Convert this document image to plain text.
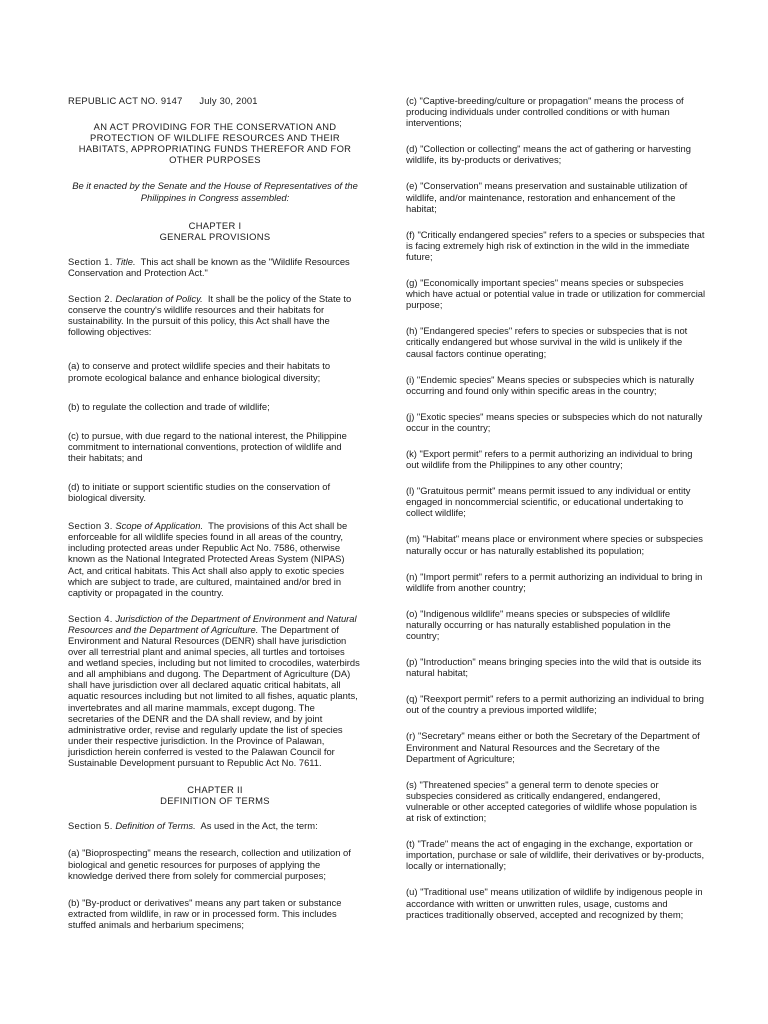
REPUBLIC ACT NO. 9147 July 30, 2001

AN ACT PROVIDING FOR THE CONSERVATION AND PROTECTION OF WILDLIFE RESOURCES AND THEIR HABITATS, APPROPRIATING FUNDS THEREFOR AND FOR OTHER PURPOSES

Be it enacted by the Senate and the House of Representatives of the Philippines in Congress assembled:

CHAPTER I
GENERAL PROVISIONS

Section 1. Title. This act shall be known as the "Wildlife Resources Conservation and Protection Act."

Section 2. Declaration of Policy. It shall be the policy of the State to conserve the country's wildlife resources and their habitats for sustainability. In the pursuit of this policy, this Act shall have the following objectives:

(a) to conserve and protect wildlife species and their habitats to promote ecological balance and enhance biological diversity;

(b) to regulate the collection and trade of wildlife;

(c) to pursue, with due regard to the national interest, the Philippine commitment to international conventions, protection of wildlife and their habitats; and

(d) to initiate or support scientific studies on the conservation of biological diversity.

Section 3. Scope of Application. The provisions of this Act shall be enforceable for all wildlife species found in all areas of the country, including protected areas under Republic Act No. 7586, otherwise known as the National Integrated Protected Areas System (NIPAS) Act, and critical habitats. This Act shall also apply to exotic species which are subject to trade, are cultured, maintained and/or bred in captivity or propagated in the country.

Section 4. Jurisdiction of the Department of Environment and Natural Resources and the Department of Agriculture. The Department of Environment and Natural Resources (DENR) shall have jurisdiction over all terrestrial plant and animal species, all turtles and tortoises and wetland species, including but not limited to crocodiles, waterbirds and all amphibians and dugong. The Department of Agriculture (DA) shall have jurisdiction over all declared aquatic critical habitats, all aquatic resources including but not limited to all fishes, aquatic plants, invertebrates and all marine mammals, except dugong. The secretaries of the DENR and the DA shall review, and by joint administrative order, revise and regularly update the list of species under their respective jurisdiction. In the Province of Palawan, jurisdiction herein conferred is vested to the Palawan Council for Sustainable Development pursuant to Republic Act No. 7611.

CHAPTER II
DEFINITION OF TERMS

Section 5. Definition of Terms. As used in the Act, the term:

(a) "Bioprospecting" means the research, collection and utilization of biological and genetic resources for purposes of applying the knowledge derived there from solely for commercial purposes;

(b) "By-product or derivatives" means any part taken or substance extracted from wildlife, in raw or in processed form. This includes stuffed animals and herbarium specimens;

(c) "Captive-breeding/culture or propagation" means the process of producing individuals under controlled conditions or with human interventions;

(d) "Collection or collecting" means the act of gathering or harvesting wildlife, its by-products or derivatives;

(e) "Conservation" means preservation and sustainable utilization of wildlife, and/or maintenance, restoration and enhancement of the habitat;

(f) "Critically endangered species" refers to a species or subspecies that is facing extremely high risk of extinction in the wild in the immediate future;

(g) "Economically important species" means species or subspecies which have actual or potential value in trade or utilization for commercial purpose;

(h) "Endangered species" refers to species or subspecies that is not critically endangered but whose survival in the wild is unlikely if the causal factors continue operating;

(i) "Endemic species" Means species or subspecies which is naturally occurring and found only within specific areas in the country;

(j) "Exotic species" means species or subspecies which do not naturally occur in the country;

(k) "Export permit" refers to a permit authorizing an individual to bring out wildlife from the Philippines to any other country;

(l) "Gratuitous permit" means permit issued to any individual or entity engaged in noncommercial scientific, or educational undertaking to collect wildlife;

(m) "Habitat" means place or environment where species or subspecies naturally occur or has naturally established its population;

(n) "Import permit" refers to a permit authorizing an individual to bring in wildlife from another country;

(o) "Indigenous wildlife" means species or subspecies of wildlife naturally occurring or has naturally established population in the country;

(p) "Introduction" means bringing species into the wild that is outside its natural habitat;

(q) "Reexport permit" refers to a permit authorizing an individual to bring out of the country a previous imported wildlife;

(r) "Secretary" means either or both the Secretary of the Department of Environment and Natural Resources and the Secretary of the Department of Agriculture;

(s) "Threatened species" a general term to denote species or subspecies considered as critically endangered, endangered, vulnerable or other accepted categories of wildlife whose population is at risk of extinction;

(t) "Trade" means the act of engaging in the exchange, exportation or importation, purchase or sale of wildlife, their derivatives or by-products, locally or internationally;

(u) "Traditional use" means utilization of wildlife by indigenous people in accordance with written or unwritten rules, usage, customs and practices traditionally observed, accepted and recognized by them;
